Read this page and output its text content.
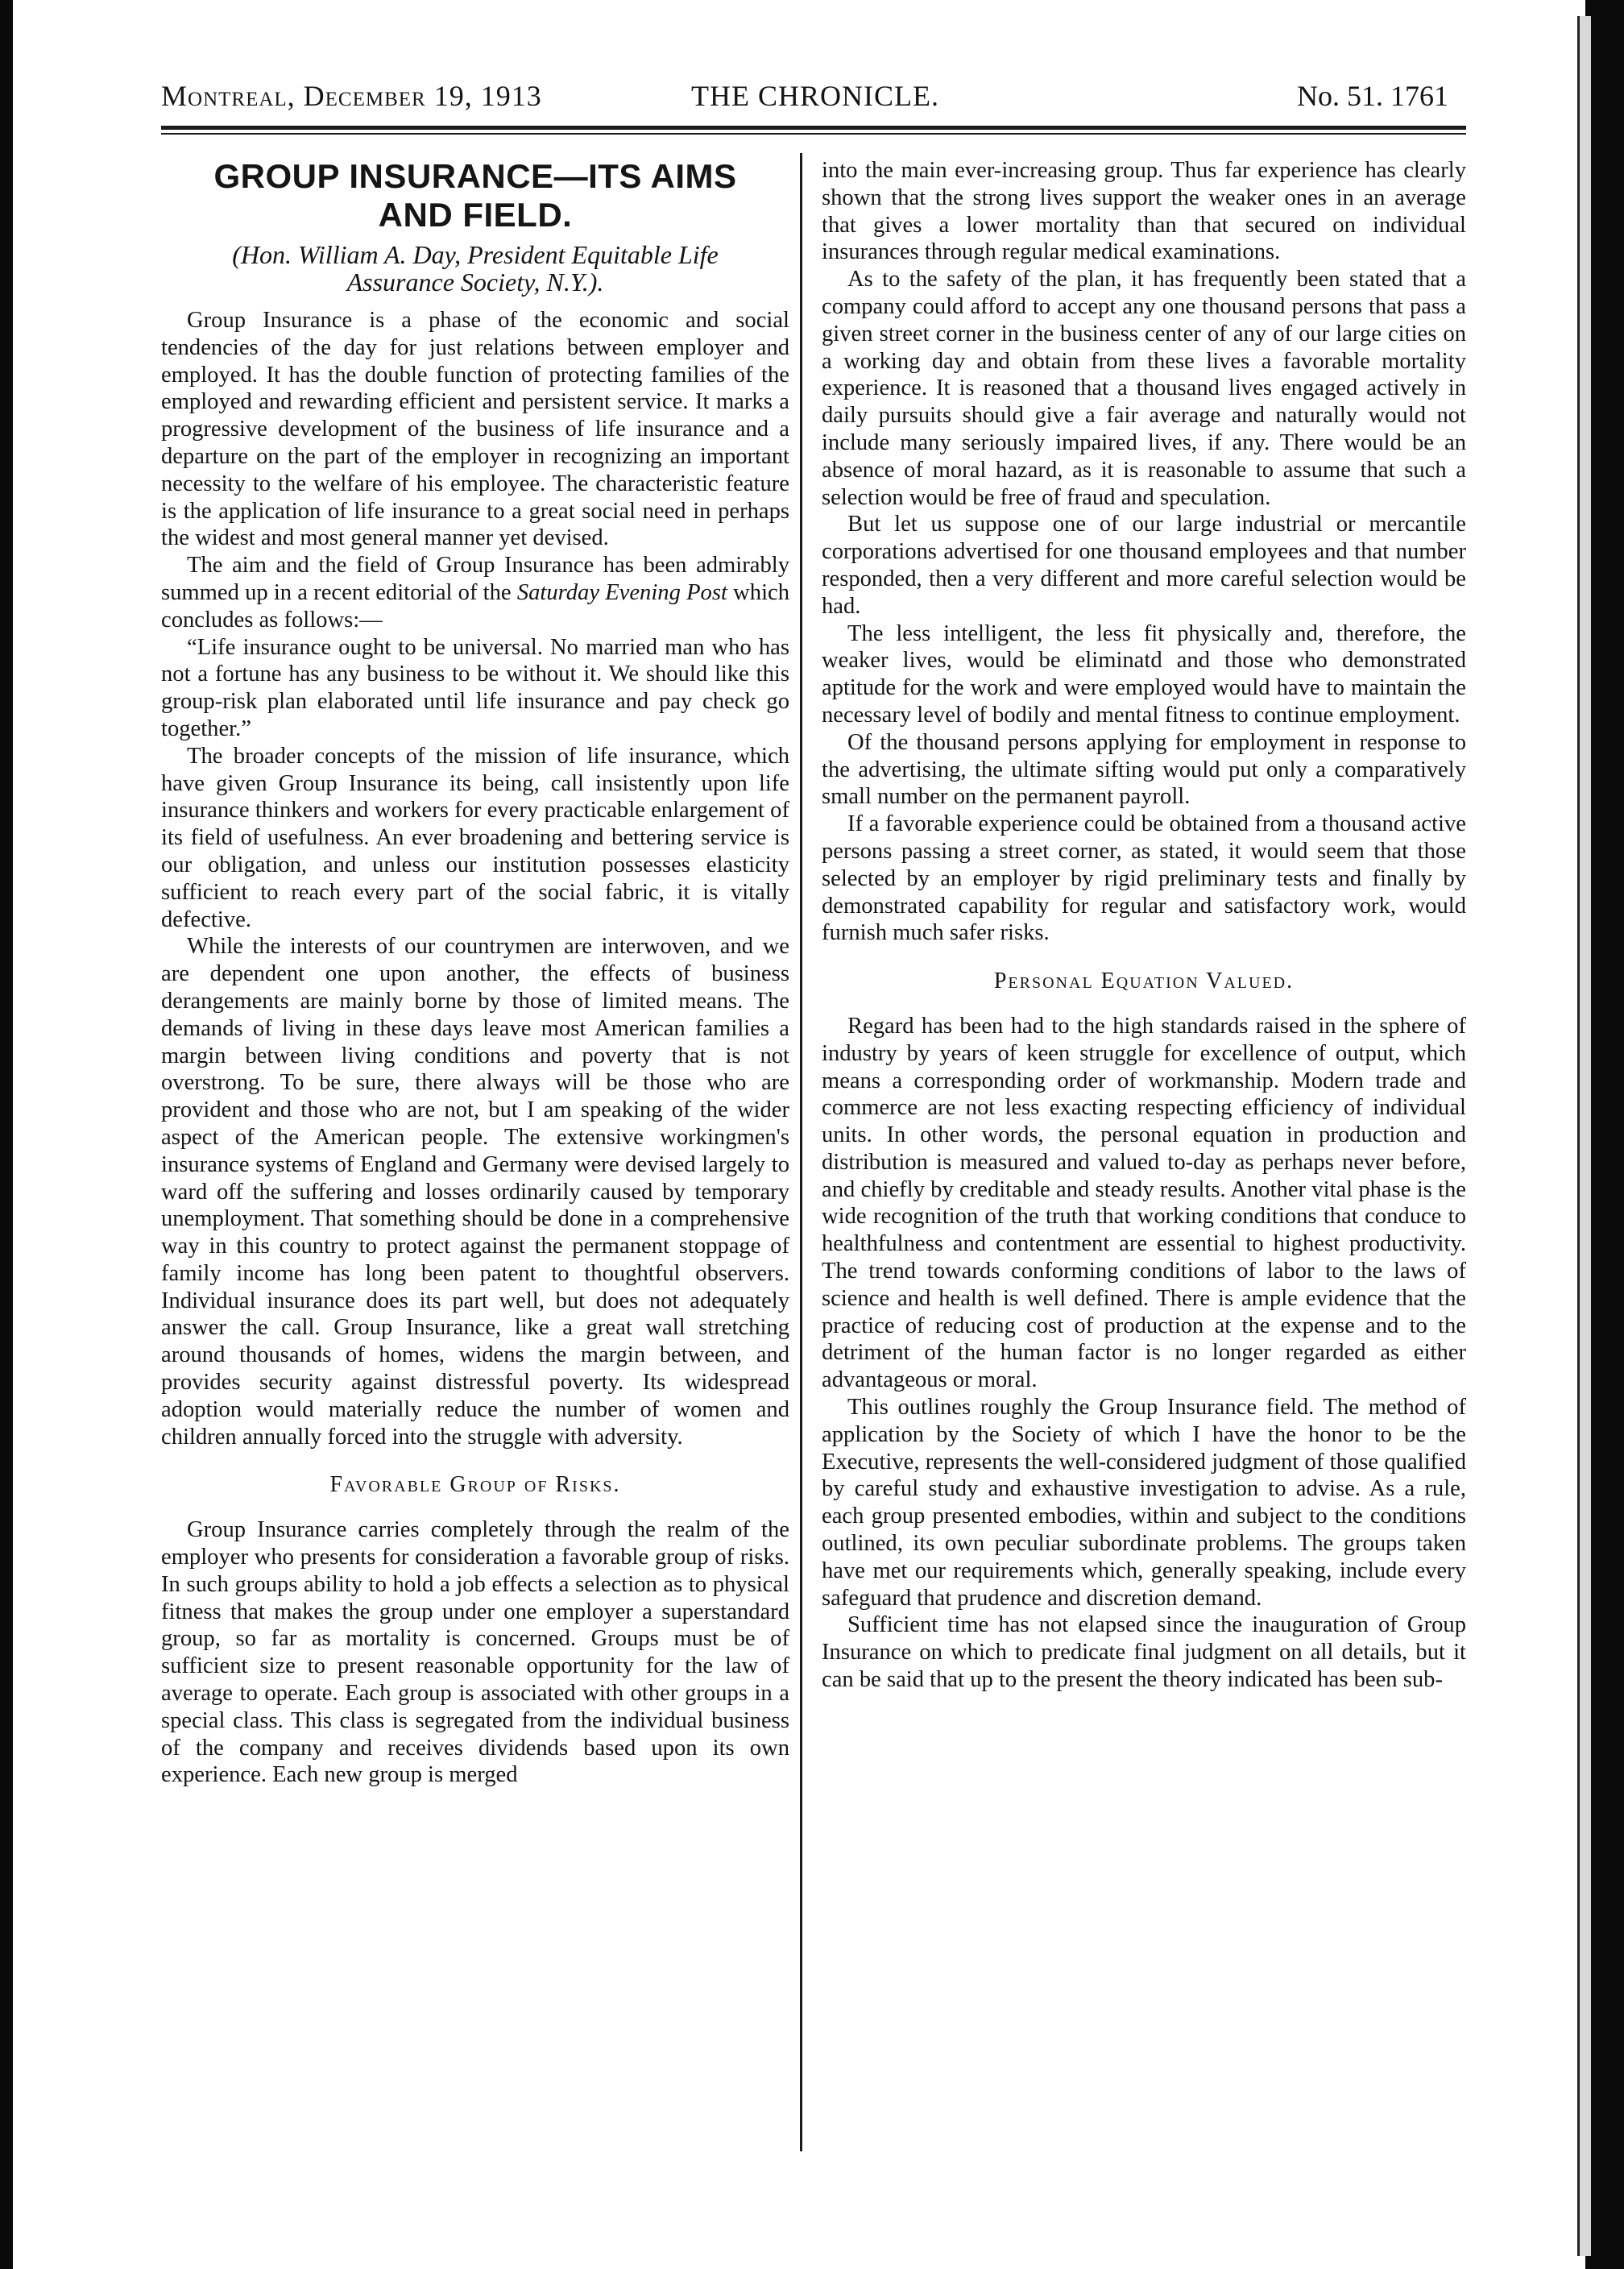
Montreal, December 19, 1913	THE CHRONICLE.	No. 51. 1761
GROUP INSURANCE—ITS AIMS
AND FIELD.
(Hon. William A. Day, President Equitable Life
Assurance Society, N.Y.).

Group Insurance is a phase of the economic and social tendencies of the day for just relations between employer and employed. It has the double function of protecting families of the employed and rewarding efficient and persistent service. It marks a progressive development of the business of life insurance and a departure on the part of the employer in recognizing an important necessity to the welfare of his employee. The characteristic feature is the application of life insurance to a great social need in perhaps the widest and most general manner yet devised.

The aim and the field of Group Insurance has been admirably summed up in a recent editorial of the Saturday Evening Post which concludes as follows:—

“Life insurance ought to be universal. No married man who has not a fortune has any business to be without it. We should like this group-risk plan elaborated until life insurance and pay check go together.”

The broader concepts of the mission of life insurance, which have given Group Insurance its being, call insistently upon life insurance thinkers and workers for every practicable enlargement of its field of usefulness. An ever broadening and bettering service is our obligation, and unless our institution possesses elasticity sufficient to reach every part of the social fabric, it is vitally defective.

While the interests of our countrymen are interwoven, and we are dependent one upon another, the effects of business derangements are mainly borne by those of limited means. The demands of living in these days leave most American families a margin between living conditions and poverty that is not overstrong. To be sure, there always will be those who are provident and those who are not, but I am speaking of the wider aspect of the American people. The extensive workingmen's insurance systems of England and Germany were devised largely to ward off the suffering and losses ordinarily caused by temporary unemployment. That something should be done in a comprehensive way in this country to protect against the permanent stoppage of family income has long been patent to thoughtful observers. Individual insurance does its part well, but does not adequately answer the call. Group Insurance, like a great wall stretching around thousands of homes, widens the margin between, and provides security against distressful poverty. Its widespread adoption would materially reduce the number of women and children annually forced into the struggle with adversity.

Favorable Group of Risks.

Group Insurance carries completely through the realm of the employer who presents for consideration a favorable group of risks. In such groups ability to hold a job effects a selection as to physical fitness that makes the group under one employer a superstandard group, so far as mortality is concerned. Groups must be of sufficient size to present reasonable opportunity for the law of average to operate. Each group is associated with other groups in a special class. This class is segregated from the individual business of the company and receives dividends based upon its own experience. Each new group is merged

into the main ever-increasing group. Thus far experience has clearly shown that the strong lives support the weaker ones in an average that gives a lower mortality than that secured on individual insurances through regular medical examinations.

As to the safety of the plan, it has frequently been stated that a company could afford to accept any one thousand persons that pass a given street corner in the business center of any of our large cities on a working day and obtain from these lives a favorable mortality experience. It is reasoned that a thousand lives engaged actively in daily pursuits should give a fair average and naturally would not include many seriously impaired lives, if any. There would be an absence of moral hazard, as it is reasonable to assume that such a selection would be free of fraud and speculation.

But let us suppose one of our large industrial or mercantile corporations advertised for one thousand employees and that number responded, then a very different and more careful selection would be had.

The less intelligent, the less fit physically and, therefore, the weaker lives, would be eliminatd and those who demonstrated aptitude for the work and were employed would have to maintain the necessary level of bodily and mental fitness to continue employment.

Of the thousand persons applying for employment in response to the advertising, the ultimate sifting would put only a comparatively small number on the permanent payroll.

If a favorable experience could be obtained from a thousand active persons passing a street corner, as stated, it would seem that those selected by an employer by rigid preliminary tests and finally by demonstrated capability for regular and satisfactory work, would furnish much safer risks.

Personal Equation Valued.

Regard has been had to the high standards raised in the sphere of industry by years of keen struggle for excellence of output, which means a corresponding order of workmanship. Modern trade and commerce are not less exacting respecting efficiency of individual units. In other words, the personal equation in production and distribution is measured and valued to-day as perhaps never before, and chiefly by creditable and steady results. Another vital phase is the wide recognition of the truth that working conditions that conduce to healthfulness and contentment are essential to highest productivity. The trend towards conforming conditions of labor to the laws of science and health is well defined. There is ample evidence that the practice of reducing cost of production at the expense and to the detriment of the human factor is no longer regarded as either advantageous or moral.

This outlines roughly the Group Insurance field. The method of application by the Society of which I have the honor to be the Executive, represents the well-considered judgment of those qualified by careful study and exhaustive investigation to advise. As a rule, each group presented embodies, within and subject to the conditions outlined, its own peculiar subordinate problems. The groups taken have met our requirements which, generally speaking, include every safeguard that prudence and discretion demand.

Sufficient time has not elapsed since the inauguration of Group Insurance on which to predicate final judgment on all details, but it can be said that up to the present the theory indicated has been sub-
